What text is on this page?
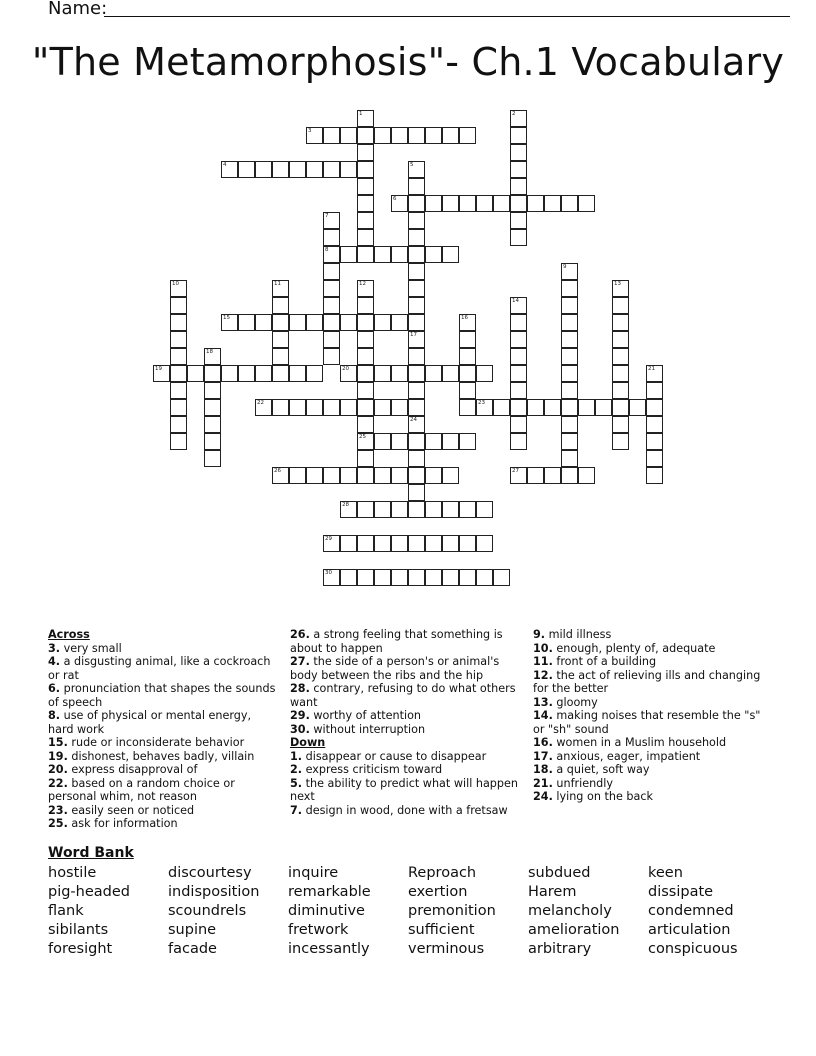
Name:
"The Metamorphosis"- Ch.1 Vocabulary
1	2
3
4	5
6
7
8
9
10	11	12	13
14
15	16
17
18
19	20	21
22	23
24
25
26	27
28
29
30
Across
3. very small
4. a disgusting animal, like a cockroach or rat
6. pronunciation that shapes the sounds of speech
8. use of physical or mental energy, hard work
15. rude or inconsiderate behavior
19. dishonest, behaves badly, villain
20. express disapproval of
22. based on a random choice or personal whim, not reason
23. easily seen or noticed
25. ask for information
26. a strong feeling that something is about to happen
27. the side of a person's or animal's body between the ribs and the hip
28. contrary, refusing to do what others want
29. worthy of attention
30. without interruption
Down
1. disappear or cause to disappear
2. express criticism toward
5. the ability to predict what will happen next
7. design in wood, done with a fretsaw
9. mild illness
10. enough, plenty of, adequate
11. front of a building
12. the act of relieving ills and changing for the better
13. gloomy
14. making noises that resemble the "s" or "sh" sound
16. women in a Muslim household
17. anxious, eager, impatient
18. a quiet, soft way
21. unfriendly
24. lying on the back
Word Bank
hostile	discourtesy	inquire	Reproach	subdued	keen
pig-headed	indisposition	remarkable	exertion	Harem	dissipate
flank	scoundrels	diminutive	premonition	melancholy	condemned
sibilants	supine	fretwork	sufficient	amelioration	articulation
foresight	facade	incessantly	verminous	arbitrary	conspicuous
